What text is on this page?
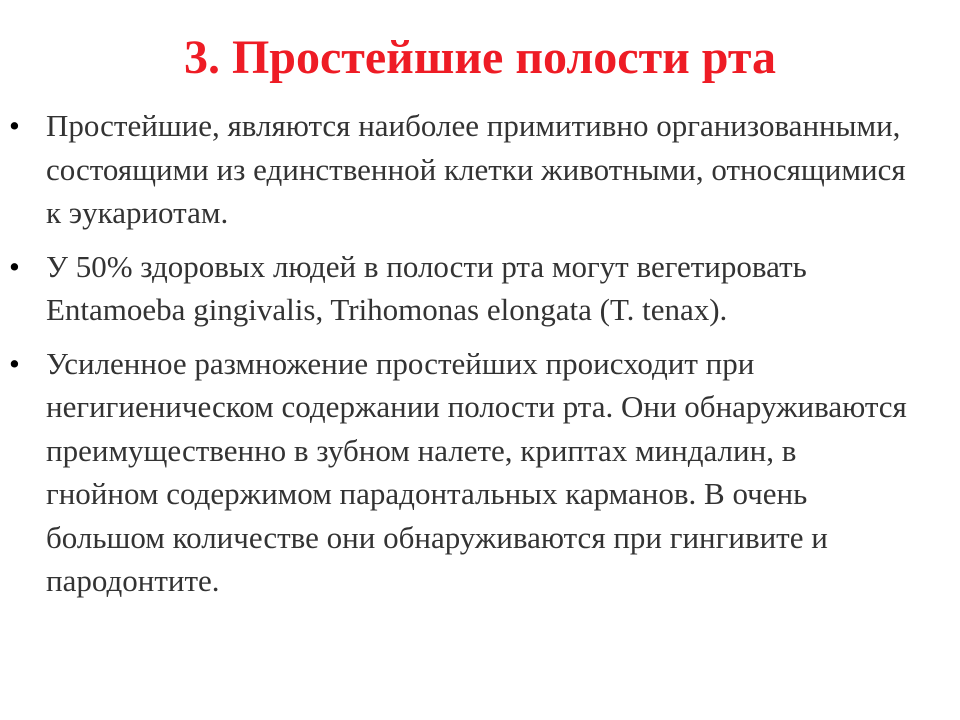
3. Простейшие полости рта
• Простейшие, являются наиболее примитивно организованными, состоящими из единственной клетки животными, относящимися к эукариотам.
• У 50% здоровых людей в полости рта могут вегетировать Entamoeba gingivalis, Trihomonas elongata (T. tenax).
• Усиленное размножение простейших происходит при негигиеническом содержании полости рта. Они обнаруживаются преимущественно в зубном налете, криптах миндалин, в гнойном содержимом парадонтальных карманов. В очень большом количестве они обнаруживаются при гингивите и пародонтите.
